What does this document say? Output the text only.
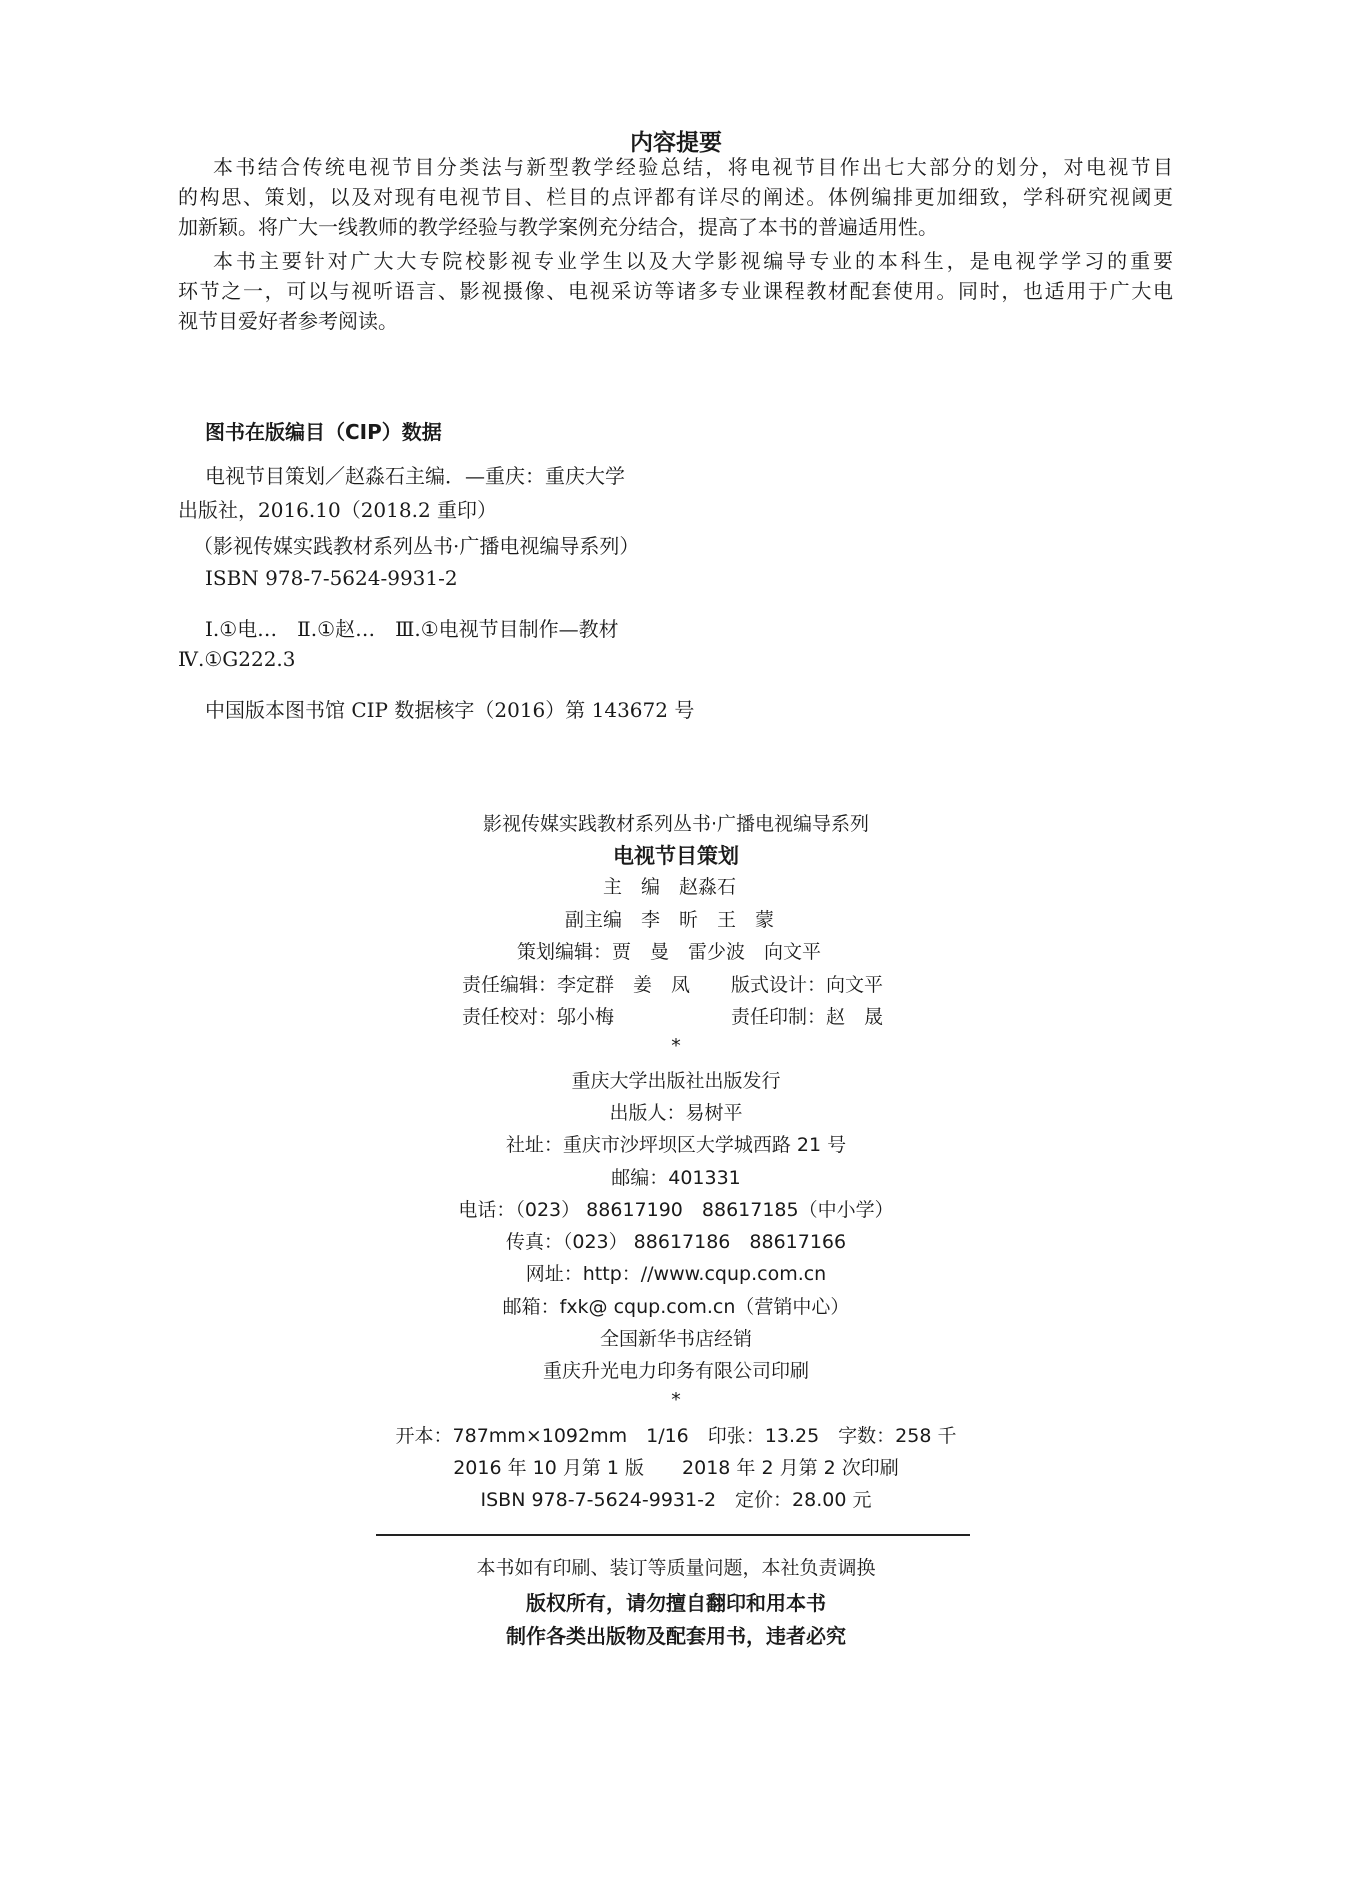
内容提要
本书结合传统电视节目分类法与新型教学经验总结，将电视节目作出七大部分的划分，对电视节目
的构思、策划，以及对现有电视节目、栏目的点评都有详尽的阐述。体例编排更加细致，学科研究视阈更
加新颖。将广大一线教师的教学经验与教学案例充分结合，提高了本书的普遍适用性。
本书主要针对广大大专院校影视专业学生以及大学影视编导专业的本科生，是电视学学习的重要
环节之一，可以与视听语言、影视摄像、电视采访等诸多专业课程教材配套使用。同时，也适用于广大电
视节目爱好者参考阅读。
图书在版编目（CIP）数据
电视节目策划／赵淼石主编．—重庆：重庆大学
出版社，2016.10（2018.2 重印）
（影视传媒实践教材系列丛书·广播电视编导系列）
ISBN 978-7-5624-9931-2
Ⅰ.①电…　Ⅱ.①赵…　Ⅲ.①电视节目制作—教材
Ⅳ.①G222.3
中国版本图书馆 CIP 数据核字（2016）第 143672 号
影视传媒实践教材系列丛书·广播电视编导系列
电视节目策划
主　编　赵淼石
副主编　李　昕　王　蒙
策划编辑：贾　曼　雷少波　向文平
责任编辑：李定群　姜　凤 版式设计：向文平
责任校对：邬小梅	责任印制：赵　晟
*
重庆大学出版社出版发行
出版人：易树平
社址：重庆市沙坪坝区大学城西路 21 号
邮编：401331
电话：（023） 88617190　88617185（中小学）
传真：（023） 88617186　88617166
网址：http：//www.cqup.com.cn
邮箱：fxk@ cqup.com.cn（营销中心）
全国新华书店经销
重庆升光电力印务有限公司印刷
*
开本：787mm×1092mm　1/16　印张：13.25　字数：258 千
2016 年 10 月第 1 版　　2018 年 2 月第 2 次印刷
ISBN 978-7-5624-9931-2　定价：28.00 元
本书如有印刷、装订等质量问题，本社负责调换
版权所有，请勿擅自翻印和用本书
制作各类出版物及配套用书，违者必究
